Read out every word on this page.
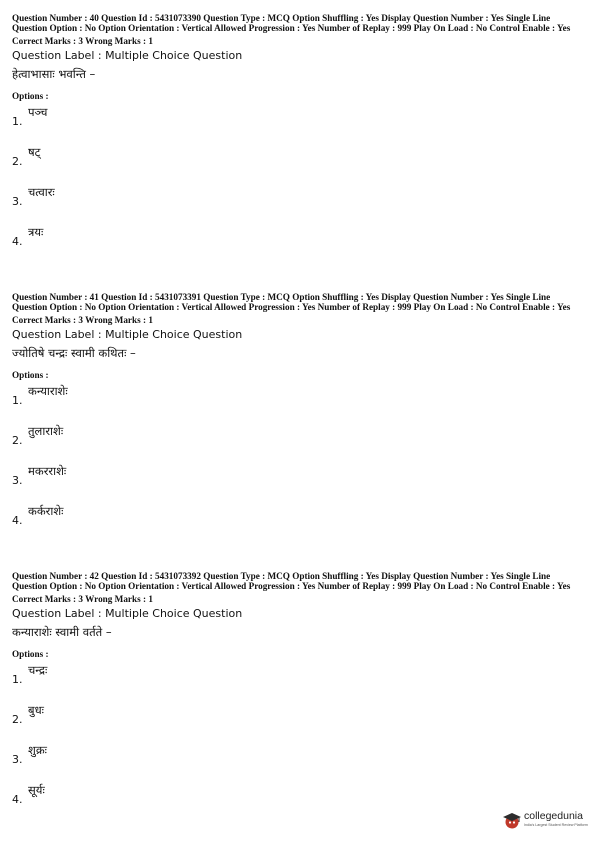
Question Number : 40 Question Id : 5431073390 Question Type : MCQ Option Shuffling : Yes Display Question Number : Yes Single Line Question Option : No Option Orientation : Vertical Allowed Progression : Yes Number of Replay : 999 Play On Load : No Control Enable : Yes

Correct Marks : 3 Wrong Marks : 1
Question Label : Multiple Choice Question
हेत्वाभासाः भवन्ति –
Options :
1.
पञ्च
2.
षट्
3.
चत्वारः
4.
त्रयः

Question Number : 41 Question Id : 5431073391 Question Type : MCQ Option Shuffling : Yes Display Question Number : Yes Single Line Question Option : No Option Orientation : Vertical Allowed Progression : Yes Number of Replay : 999 Play On Load : No Control Enable : Yes

Correct Marks : 3 Wrong Marks : 1
Question Label : Multiple Choice Question
ज्योतिषे चन्द्रः स्वामी कथितः –
Options :
1.
कन्याराशेः
2.
तुलाराशेः
3.
मकरराशेः
4.
कर्कराशेः

Question Number : 42 Question Id : 5431073392 Question Type : MCQ Option Shuffling : Yes Display Question Number : Yes Single Line Question Option : No Option Orientation : Vertical Allowed Progression : Yes Number of Replay : 999 Play On Load : No Control Enable : Yes

Correct Marks : 3 Wrong Marks : 1
Question Label : Multiple Choice Question
कन्याराशेः स्वामी वर्तते –
Options :
1.
चन्द्रः
2.
बुधः
3.
शुक्रः
4.
सूर्यः
collegedunia
India's Largest Student Review Platform
